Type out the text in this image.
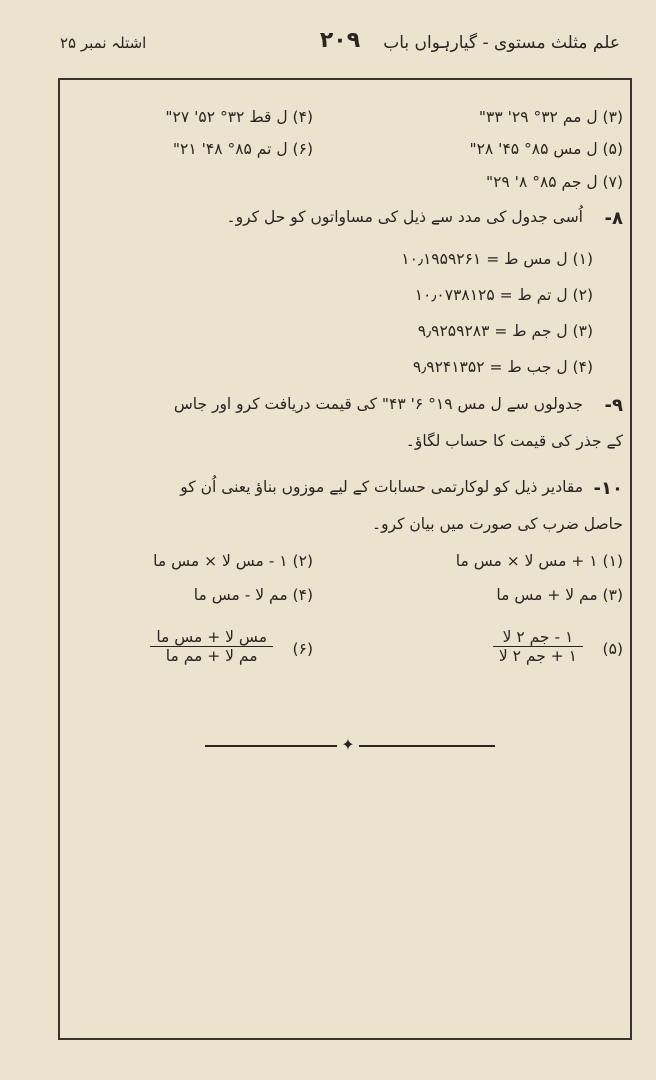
علم مثلث مستوی - گیارہواں باب
۲۰۹
اشتلہ نمبر ۲۵
(۳) ل مم ۳۲° ۲۹' ۳۳"
(۴) ل قط ۳۲° ۵۲' ۲۷"
(۵) ل مس ۸۵° ۴۵' ۲۸"
(۶) ل تم ۸۵° ۴۸' ۲۱"
(۷) ل جم ۸۵° ۸' ۲۹"
۸-
اُسی جدول کی مدد سے ذیل کی مساواتوں کو حل کرو۔
(۱) ل مس ط = ۱۰٫۱۹۵۹۲۶۱
(۲) ل تم ط = ۱۰٫۰۷۳۸۱۲۵
(۳) ل جم ط = ۹٫۹۲۵۹۲۸۳
(۴) ل جب ط = ۹٫۹۲۴۱۳۵۲
۹-
جدولوں سے ل مس ۱۹° ۶' ۴۳" کی قیمت دریافت کرو اور جاس
کے جذر کی قیمت کا حساب لگاؤ۔
۱۰-
مقادیر ذیل کو لوکارتمی حسابات کے لیے موزوں بناؤ یعنی اُن کو
حاصل ضرب کی صورت میں بیان کرو۔
(۱) ۱ + مس لا × مس ما
(۲) ۱ - مس لا × مس ما
(۳) مم لا + مس ما
(۴) مم لا - مس ما
(۵)
۱ - جم ۲ لا
۱ + جم ۲ لا
(۶)
مس لا + مس ما
مم لا + مم ما
✦
